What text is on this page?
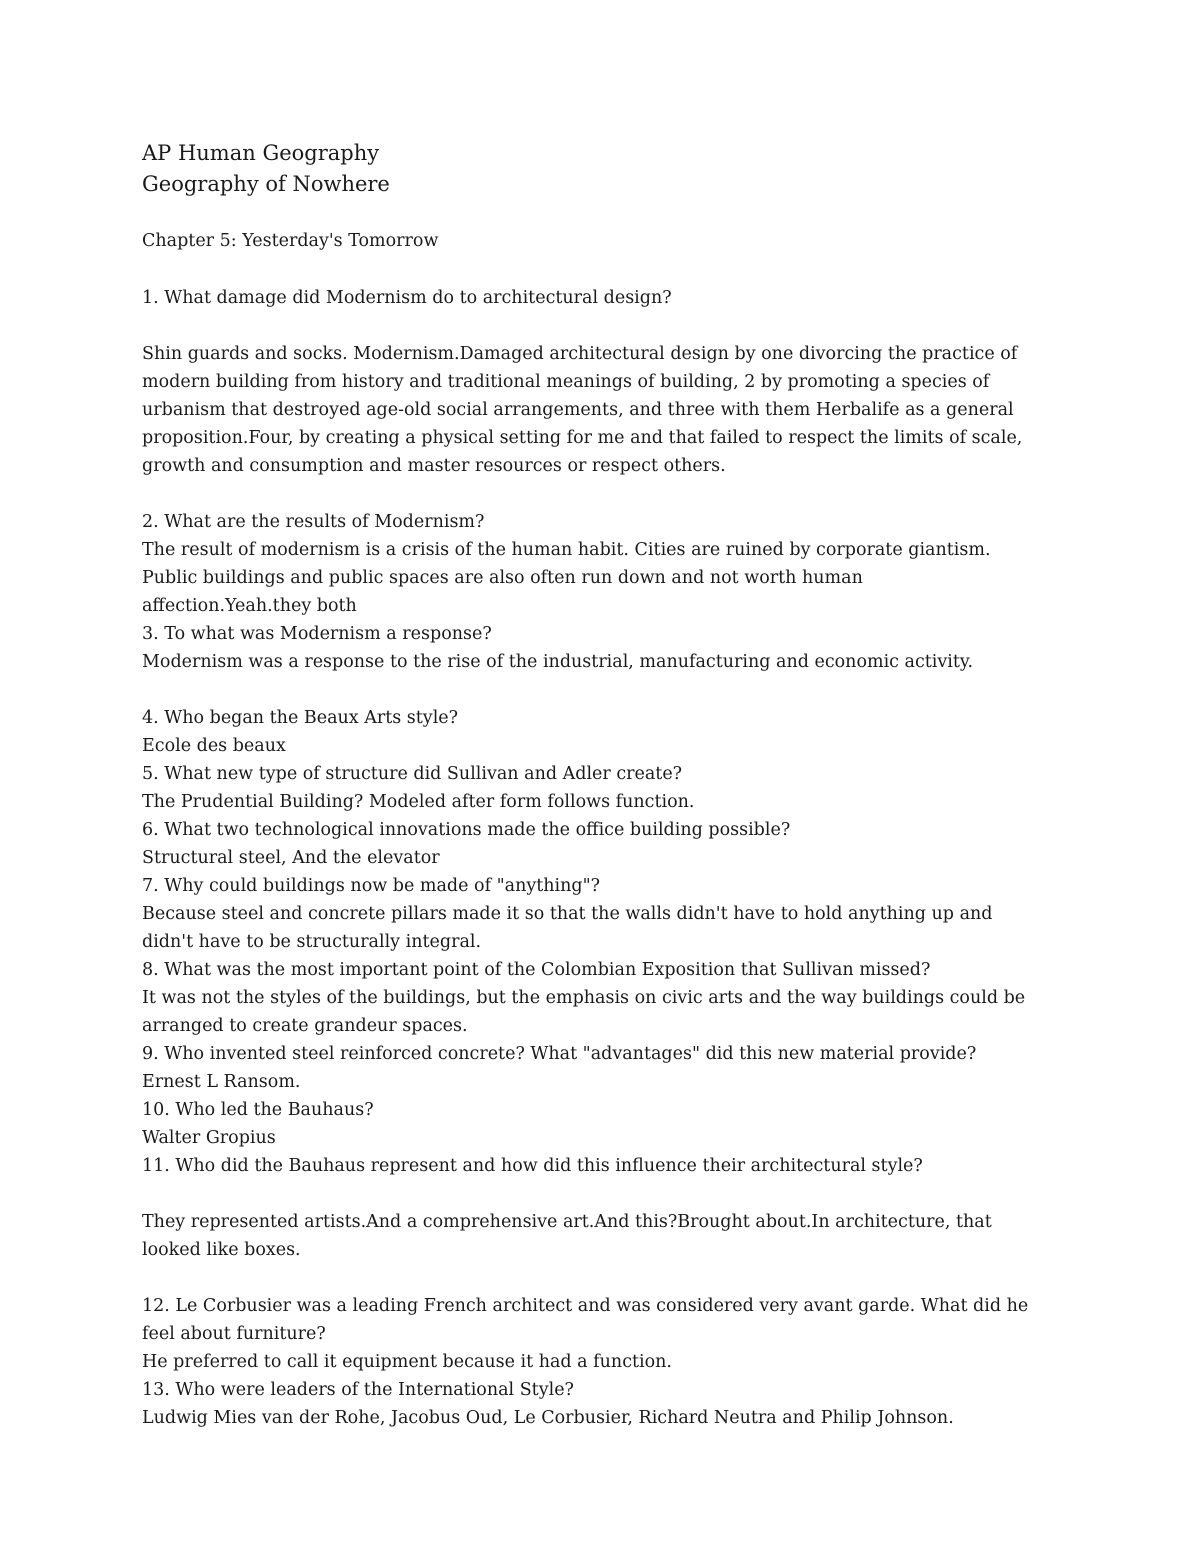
AP Human Geography

Geography of Nowhere

Chapter 5: Yesterday's Tomorrow

1. What damage did Modernism do to architectural design?

Shin guards and socks. Modernism.Damaged architectural design by one divorcing the practice of

modern building from history and traditional meanings of building, 2 by promoting a species of

urbanism that destroyed age-old social arrangements, and three with them Herbalife as a general

proposition.Four, by creating a physical setting for me and that failed to respect the limits of scale,

growth and consumption and master resources or respect others.

2. What are the results of Modernism?

The result of modernism is a crisis of the human habit. Cities are ruined by corporate giantism.

Public buildings and public spaces are also often run down and not worth human

affection.Yeah.they both

3. To what was Modernism a response?

Modernism was a response to the rise of the industrial, manufacturing and economic activity.

4. Who began the Beaux Arts style?

Ecole des beaux

5. What new type of structure did Sullivan and Adler create?

The Prudential Building? Modeled after form follows function.

6. What two technological innovations made the office building possible?

Structural steel, And the elevator

7. Why could buildings now be made of "anything"?

Because steel and concrete pillars made it so that the walls didn't have to hold anything up and

didn't have to be structurally integral.

8. What was the most important point of the Colombian Exposition that Sullivan missed?

It was not the styles of the buildings, but the emphasis on civic arts and the way buildings could be

arranged to create grandeur spaces.

9. Who invented steel reinforced concrete? What "advantages" did this new material provide?

Ernest L Ransom.

10. Who led the Bauhaus?

Walter Gropius

11. Who did the Bauhaus represent and how did this influence their architectural style?

They represented artists.And a comprehensive art.And this?Brought about.In architecture, that

looked like boxes.

12. Le Corbusier was a leading French architect and was considered very avant garde. What did he

feel about furniture?

He preferred to call it equipment because it had a function.

13. Who were leaders of the International Style?

Ludwig Mies van der Rohe, Jacobus Oud, Le Corbusier, Richard Neutra and Philip Johnson.
